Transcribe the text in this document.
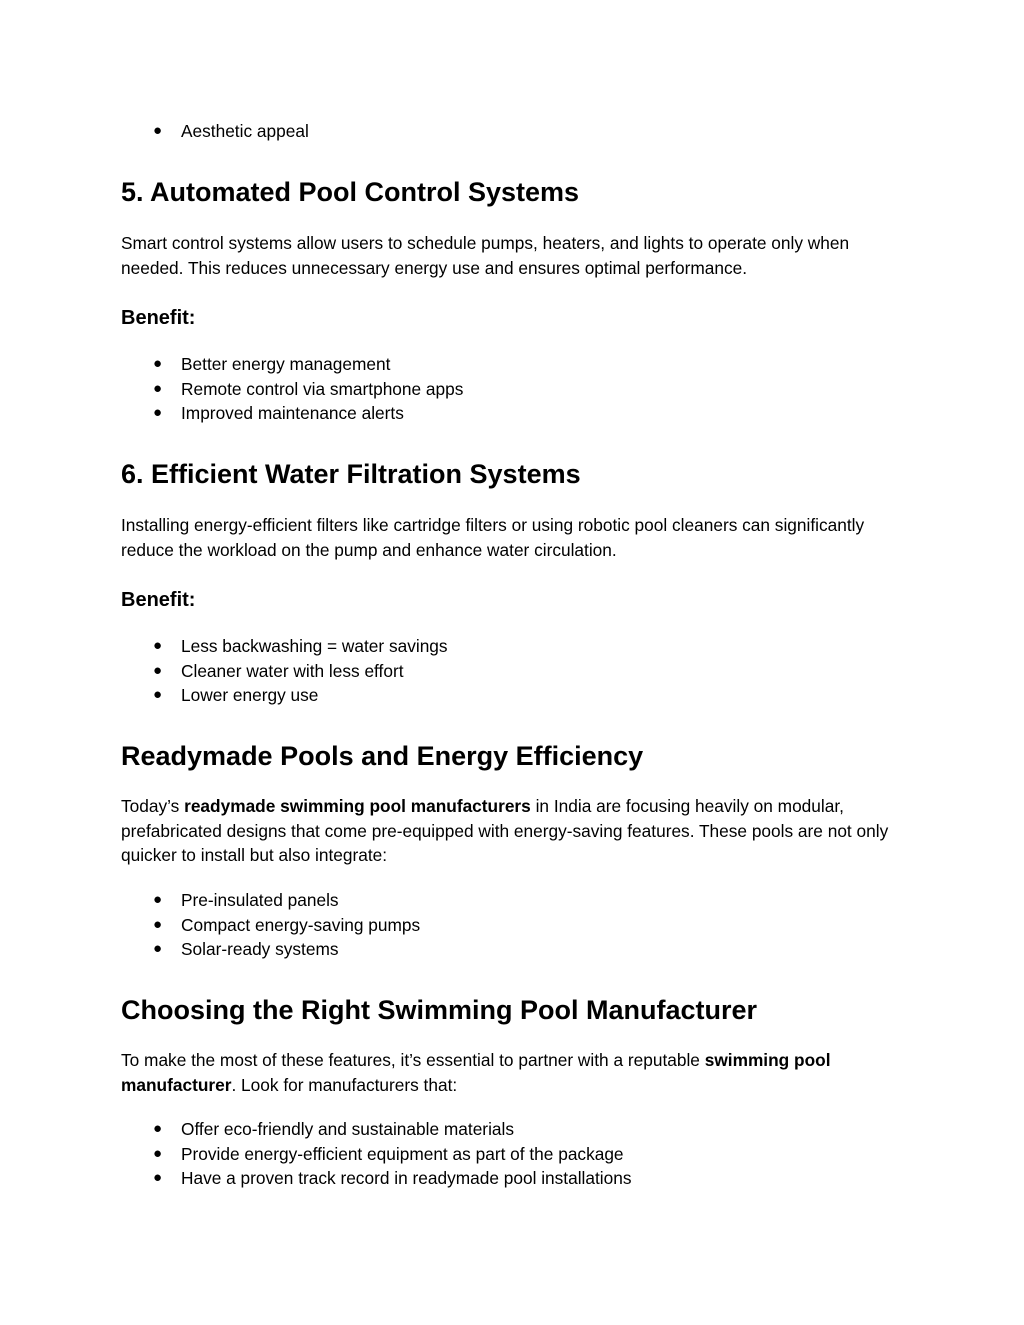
● Aesthetic appeal
5. Automated Pool Control Systems

Smart control systems allow users to schedule pumps, heaters, and lights to operate only when needed. This reduces unnecessary energy use and ensures optimal performance.

Benefit:
● Better energy management
● Remote control via smartphone apps
● Improved maintenance alerts
6. Efficient Water Filtration Systems

Installing energy-efficient filters like cartridge filters or using robotic pool cleaners can significantly reduce the workload on the pump and enhance water circulation.

Benefit:
● Less backwashing = water savings
● Cleaner water with less effort
● Lower energy use
Readymade Pools and Energy Efficiency

Today’s readymade swimming pool manufacturers in India are focusing heavily on modular, prefabricated designs that come pre-equipped with energy-saving features. These pools are not only quicker to install but also integrate:

● Pre-insulated panels
● Compact energy-saving pumps
● Solar-ready systems
Choosing the Right Swimming Pool Manufacturer

To make the most of these features, it’s essential to partner with a reputable swimming pool manufacturer. Look for manufacturers that:

● Offer eco-friendly and sustainable materials
● Provide energy-efficient equipment as part of the package
● Have a proven track record in readymade pool installations
